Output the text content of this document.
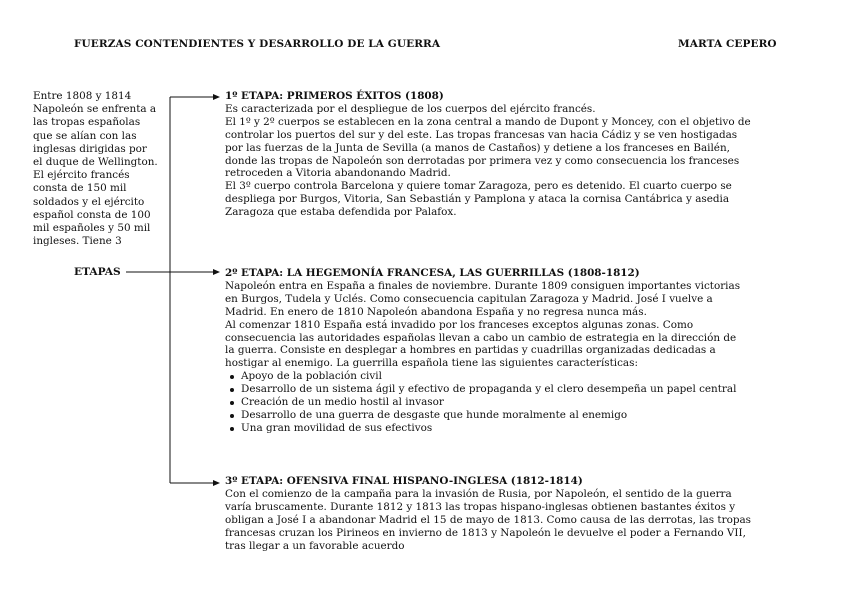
FUERZAS CONTENDIENTES Y DESARROLLO DE LA GUERRA	MARTA CEPERO
Entre 1808 y 1814
Napoleón se enfrenta a
las tropas españolas
que se alían con las
inglesas dirigidas por
el duque de Wellington.
El ejército francés
consta de 150 mil
soldados y el ejército
español consta de 100
mil españoles y 50 mil
ingleses. Tiene 3
ETAPAS
1º ETAPA: PRIMEROS ÉXITOS (1808)
Es caracterizada por el despliegue de los cuerpos del ejército francés.
El 1º y 2º cuerpos se establecen en la zona central a mando de Dupont y Moncey, con el objetivo de
controlar los puertos del sur y del este. Las tropas francesas van hacia Cádiz y se ven hostigadas
por las fuerzas de la Junta de Sevilla (a manos de Castaños) y detiene a los franceses en Bailén,
donde las tropas de Napoleón son derrotadas por primera vez y como consecuencia los franceses
retroceden a Vitoria abandonando Madrid.
El 3º cuerpo controla Barcelona y quiere tomar Zaragoza, pero es detenido. El cuarto cuerpo se
despliega por Burgos, Vitoria, San Sebastián y Pamplona y ataca la cornisa Cantábrica y asedia
Zaragoza que estaba defendida por Palafox.
2º ETAPA: LA HEGEMONÍA FRANCESA, LAS GUERRILLAS (1808-1812)
Napoleón entra en España a finales de noviembre. Durante 1809 consiguen importantes victorias
en Burgos, Tudela y Uclés. Como consecuencia capitulan Zaragoza y Madrid. José I vuelve a
Madrid. En enero de 1810 Napoleón abandona España y no regresa nunca más.
Al comenzar 1810 España está invadido por los franceses exceptos algunas zonas. Como
consecuencia las autoridades españolas llevan a cabo un cambio de estrategia en la dirección de
la guerra. Consiste en desplegar a hombres en partidas y cuadrillas organizadas dedicadas a
hostigar al enemigo. La guerrilla española tiene las siguientes características:
Apoyo de la población civil
Desarrollo de un sistema ágil y efectivo de propaganda y el clero desempeña un papel central
Creación de un medio hostil al invasor
Desarrollo de una guerra de desgaste que hunde moralmente al enemigo
Una gran movilidad de sus efectivos
3º ETAPA: OFENSIVA FINAL HISPANO-INGLESA (1812-1814)
Con el comienzo de la campaña para la invasión de Rusia, por Napoleón, el sentido de la guerra
varía bruscamente. Durante 1812 y 1813 las tropas hispano-inglesas obtienen bastantes éxitos y
obligan a José I a abandonar Madrid el 15 de mayo de 1813. Como causa de las derrotas, las tropas
francesas cruzan los Pirineos en invierno de 1813 y Napoleón le devuelve el poder a Fernando VII,
tras llegar a un favorable acuerdo
